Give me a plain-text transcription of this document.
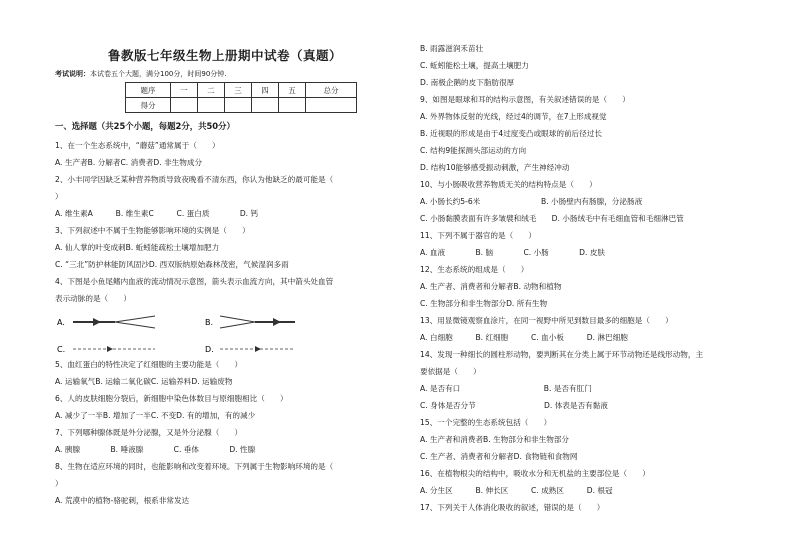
鲁教版七年级生物上册期中试卷（真题）
考试说明：本试卷五个大题，满分100分，时间90分钟.
题序	一	二	三	四	五	总分
得分						
一、选择题（共25个小题，每题2分，共50分）
1、在一个生态系统中，“蘑菇”通常属于（　　）
A. 生产者B. 分解者C. 消费者D. 非生物成分
2、小丰同学因缺乏某种营养物质导致夜晚看不清东西，你认为他缺乏的最可能是（
）
A. 维生素A　　　B. 维生素C　　　C. 蛋白质　　　　D. 钙
3、下列叙述中不属于生物能够影响环境的实例是（　　）
A. 仙人掌的叶变成刺B. 蚯蚓能疏松土壤增加肥力
C. “三北”防护林能防风固沙D. 西双版纳原始森林茂密，气候湿润多雨
4、下图是小鱼尾鳍内血液的流动情况示意图，箭头表示血流方向，其中箭头处血管
表示动脉的是（　　）
A.	B.
C.	D.
5、血红蛋白的特性决定了红细胞的主要功能是（　　）
A. 运输氧气B. 运输二氧化碳C. 运输养料D. 运输废物
6、人的皮肤细胞分裂后，新细胞中染色体数目与原细胞相比（　　）
A. 减少了一半B. 增加了一半C. 不变D. 有的增加，有的减少
7、下列哪种腺体既是外分泌腺，又是外分泌腺（　　）
A. 胰腺　　　　B. 唾液腺　　　　C. 垂体　　　　D. 性腺
8、生物在适应环境的同时，也能影响和改变着环境。下列属于生物影响环境的是（
）
A. 荒漠中的植物-骆驼刺，根系非常发达
B. 雨露滋润禾苗壮
C. 蚯蚓能松土壤，提高土壤肥力
D. 南极企鹅的皮下脂肪很厚
9、如图是眼球和耳的结构示意图，有关叙述错误的是（　　）
A. 外界物体反射的光线，经过4的调节，在7上形成视觉
B. 近视眼的形成是由于4过度变凸或眼球的前后径过长
C. 结构9能探测头部运动的方向
D. 结构10能够感受振动刺激，产生神经冲动
10、与小肠吸收营养物质无关的结构特点是（　　）
A. 小肠长约5-6米　　　　　　　　B. 小肠壁内有肠腺，分泌肠液
C. 小肠黏膜表面有许多皱襞和绒毛　　D. 小肠绒毛中有毛细血管和毛细淋巴管
11、下列不属于器官的是（　　）
A. 血液　　　　B. 脑　　　　C. 小肠　　　　D. 皮肤
12、生态系统的组成是（　　）
A. 生产者、消费者和分解者B. 动物和植物
C. 生物部分和非生物部分D. 所有生物
13、用显微镜观察血涂片，在同一视野中所见到数目最多的细胞是（　　）
A. 白细胞　　　B. 红细胞　　　C. 血小板　　　D. 淋巴细胞
14、发现一种细长的圆柱形动物，要判断其在分类上属于环节动物还是线形动物，主
要依据是（　　）
A. 是否有口　　　　　　　　　　　B. 是否有肛门
C. 身体是否分节　　　　　　　　　D. 体表是否有黏液
15、一个完整的生态系统包括（　　）
A. 生产者和消费者B. 生物部分和非生物部分
C. 生产者、消费者和分解者D. 食物链和食物网
16、在植物根尖的结构中，吸收水分和无机盐的主要部位是（　　）
A. 分生区　　　B. 伸长区　　　C. 成熟区　　　D. 根冠
17、下列关于人体消化吸收的叙述，错误的是（　　）
